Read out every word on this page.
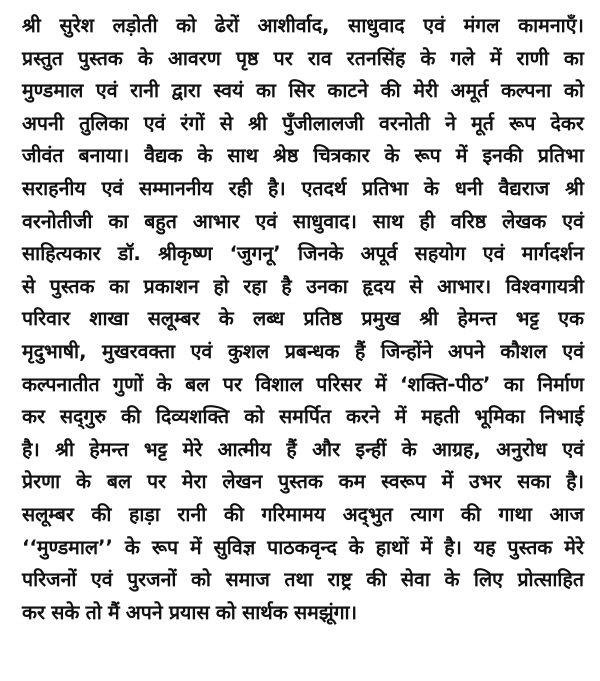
श्री सुरेश लड़ोती को ढेरों आशीर्वाद, साधुवाद एवं मंगल कामनाएँ।
प्रस्तुत पुस्तक के आवरण पृष्ठ पर राव रतनसिंह के गले में राणी का
मुण्डमाल एवं रानी द्वारा स्वयं का सिर काटने की मेरी अमूर्त कल्पना को
अपनी तुलिका एवं रंगों से श्री पुँजीलालजी वरनोती ने मूर्त रूप देकर
जीवंत बनाया। वैद्यक के साथ श्रेष्ठ चित्रकार के रूप में इनकी प्रतिभा
सराहनीय एवं सम्माननीय रही है। एतदर्थ प्रतिभा के धनी वैद्यराज श्री
वरनोतीजी का बहुत आभार एवं साधुवाद। साथ ही वरिष्ठ लेखक एवं
साहित्यकार डॉ. श्रीकृष्ण ‘जुगनू’ जिनके अपूर्व सहयोग एवं मार्गदर्शन
से पुस्तक का प्रकाशन हो रहा है उनका हृदय से आभार। विश्वगायत्री
परिवार शाखा सलूम्बर के लब्ध प्रतिष्ठ प्रमुख श्री हेमन्त भट्ट एक
मृदुभाषी, मुखरवक्ता एवं कुशल प्रबन्धक हैं जिन्होंने अपने कौशल एवं
कल्पनातीत गुणों के बल पर विशाल परिसर में ‘शक्ति-पीठ’ का निर्माण
कर सद्‌गुरु की दिव्यशक्ति को समर्पित करने में महती भूमिका निभाई
है। श्री हेमन्त भट्ट मेरे आत्मीय हैं और इन्हीं के आग्रह, अनुरोध एवं
प्रेरणा के बल पर मेरा लेखन पुस्तक कम स्वरूप में उभर सका है।
सलूम्बर की हाड़ा रानी की गरिमामय अद्‌भुत त्याग की गाथा आज
‘‘मुण्डमाल’’ के रूप में सुविज्ञ पाठकवृन्द के हाथों में है। यह पुस्तक मेरे
परिजनों एवं पुरजनों को समाज तथा राष्ट्र की सेवा के लिए प्रोत्साहित
कर सके तो मैं अपने प्रयास को सार्थक समझूंगा।
